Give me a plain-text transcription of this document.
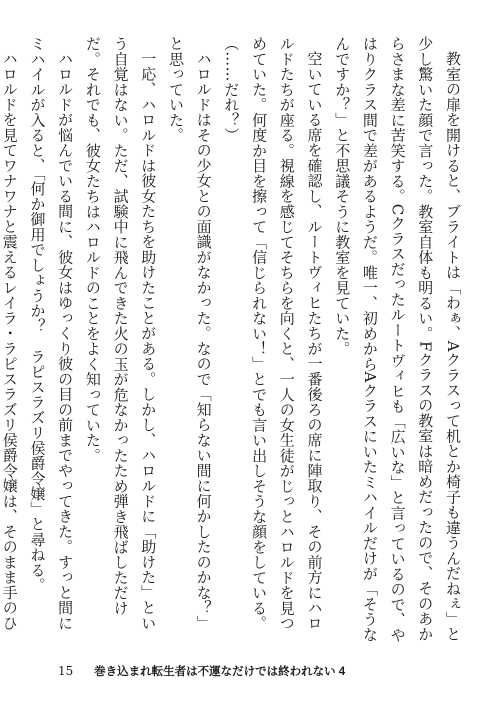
教室の扉を開けると、ブライトは「わぁ、Aクラスって机とか椅子も違うんだねぇ」と少し驚いた顔で言った。教室自体も明るい。Fクラスの教室は暗めだったので、そのあからさまな差に苦笑する。Cクラスだったルートヴィヒも「広いな」と言っているので、やはりクラス間で差があるようだ。唯一、初めからAクラスにいたミハイルだけが「そうなんですか？」と不思議そうに教室を見ていた。

空いている席を確認し、ルートヴィヒたちが一番後ろの席に陣取り、その前方にハロルドたちが座る。視線を感じてそちらを向くと、一人の女生徒がじっとハロルドを見つめていた。何度か目を擦って「信じられない！」とでも言い出しそうな顔をしている。

（……だれ？）

ハロルドはその少女との面識がなかった。なので「知らない間に何かしたのかな？」と思っていた。

一応、ハロルドは彼女たちを助けたことがある。しかし、ハロルドに「助けた」という自覚はない。ただ、試験中に飛んできた火の玉が危なかったため弾き飛ばしただけだ。それでも、彼女たちはハロルドのことをよく知っていた。

ハロルドが悩んでいる間に、彼女はゆっくり彼の目の前までやってきた。すっと間にミハイルが入ると、「何か御用でしょうか？　ラピスラズリ侯爵令嬢」と尋ねる。

ハロルドを見てワナワナと震えるレイラ・ラピスラズリ侯爵令嬢は、そのまま手のひ

15 巻き込まれ転生者は不運なだけでは終われない 4
